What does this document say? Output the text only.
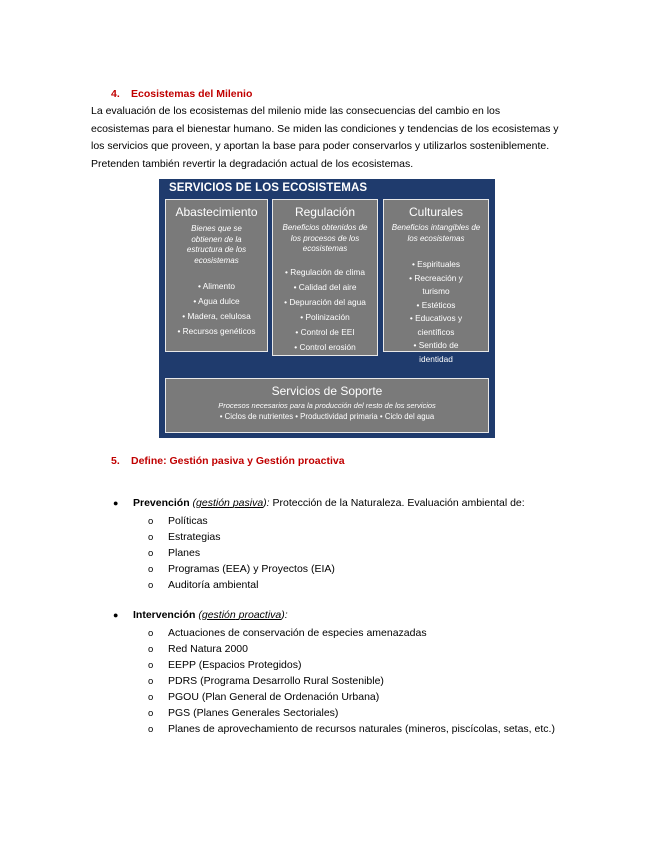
4. Ecosistemas del Milenio
La evaluación de los ecosistemas del milenio mide las consecuencias del cambio en los
ecosistemas para el bienestar humano. Se miden las condiciones y tendencias de los ecosistemas y
los servicios que proveen, y aportan la base para poder conservarlos y utilizarlos sosteniblemente.
Pretenden también revertir la degradación actual de los ecosistemas.
SERVICIOS DE LOS ECOSISTEMAS
Abastecimiento
Bienes que se obtienen de la estructura de los ecosistemas
• Alimento
• Agua dulce
• Madera, celulosa
• Recursos genéticos
Regulación
Beneficios obtenidos de los procesos de los ecosistemas
• Regulación de clima
• Calidad del aire
• Depuración del agua
• Polinización
• Control de EEI
• Control erosión
Culturales
Beneficios intangibles de los ecosistemas
• Espirituales
• Recreación y turismo
• Estéticos
• Educativos y científicos
• Sentido de identidad
Servicios de Soporte
Procesos necesarios para la producción del resto de los servicios
• Ciclos de nutrientes • Productividad primaria • Ciclo del agua
5. Define: Gestión pasiva y Gestión proactiva
● Prevención (gestión pasiva): Protección de la Naturaleza. Evaluación ambiental de:
o Políticas
o Estrategias
o Planes
o Programas (EEA) y Proyectos (EIA)
o Auditoría ambiental
● Intervención (gestión proactiva):
o Actuaciones de conservación de especies amenazadas
o Red Natura 2000
o EEPP (Espacios Protegidos)
o PDRS (Programa Desarrollo Rural Sostenible)
o PGOU (Plan General de Ordenación Urbana)
o PGS (Planes Generales Sectoriales)
o Planes de aprovechamiento de recursos naturales (mineros, piscícolas, setas, etc.)
